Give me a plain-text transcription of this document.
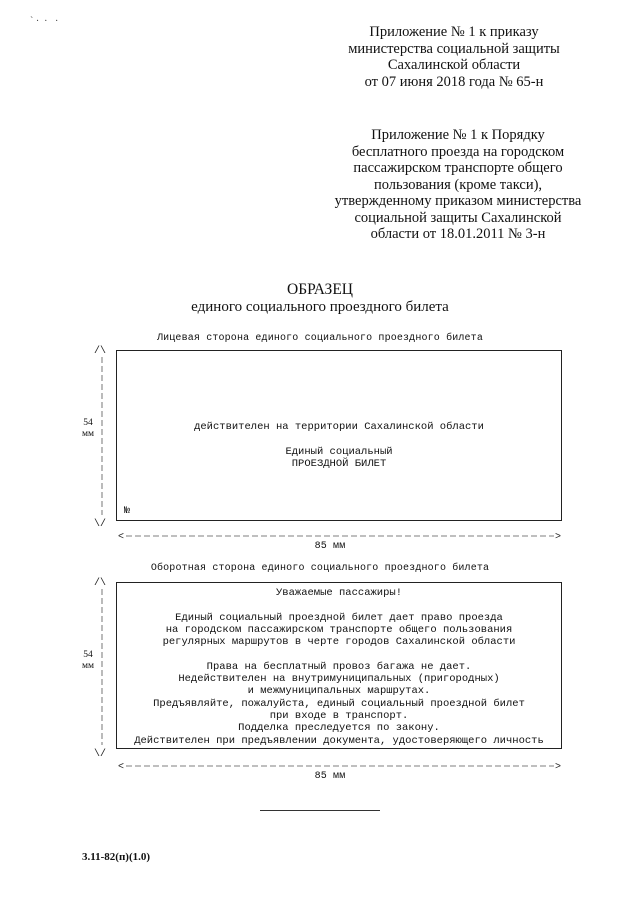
` ·  ·   ·
Приложение № 1 к приказу
министерства социальной защиты
Сахалинской области
от 07 июня 2018 года № 65-н
Приложение № 1 к Порядку
бесплатного проезда на городском
пассажирском транспорте общего
пользования (кроме такси),
утвержденному приказом министерства
социальной защиты Сахалинской
области от 18.01.2011 № 3-н
ОБРАЗЕЦ
единого социального проездного билета
Лицевая сторона единого социального проездного билета
/\
\/
54
мм
действителен на территории Сахалинской области
Единый социальный
ПРОЕЗДНОЙ БИЛЕТ
№
<	>
85 мм
Оборотная сторона единого социального проездного билета
/\
\/
54
мм
Уважаемые пассажиры!
Единый социальный проездной билет дает право проезда
на городском пассажирском транспорте общего пользования
регулярных маршрутов в черте городов Сахалинской области
Права на бесплатный провоз багажа не дает.
Недействителен на внутримуниципальных (пригородных)
и межмуниципальных маршрутах.
Предъявляйте, пожалуйста, единый социальный проездной билет
при входе в транспорт.
Подделка преследуется по закону.
Действителен при предъявлении документа, удостоверяющего личность
<	>
85 мм
3.11-82(п)(1.0)
